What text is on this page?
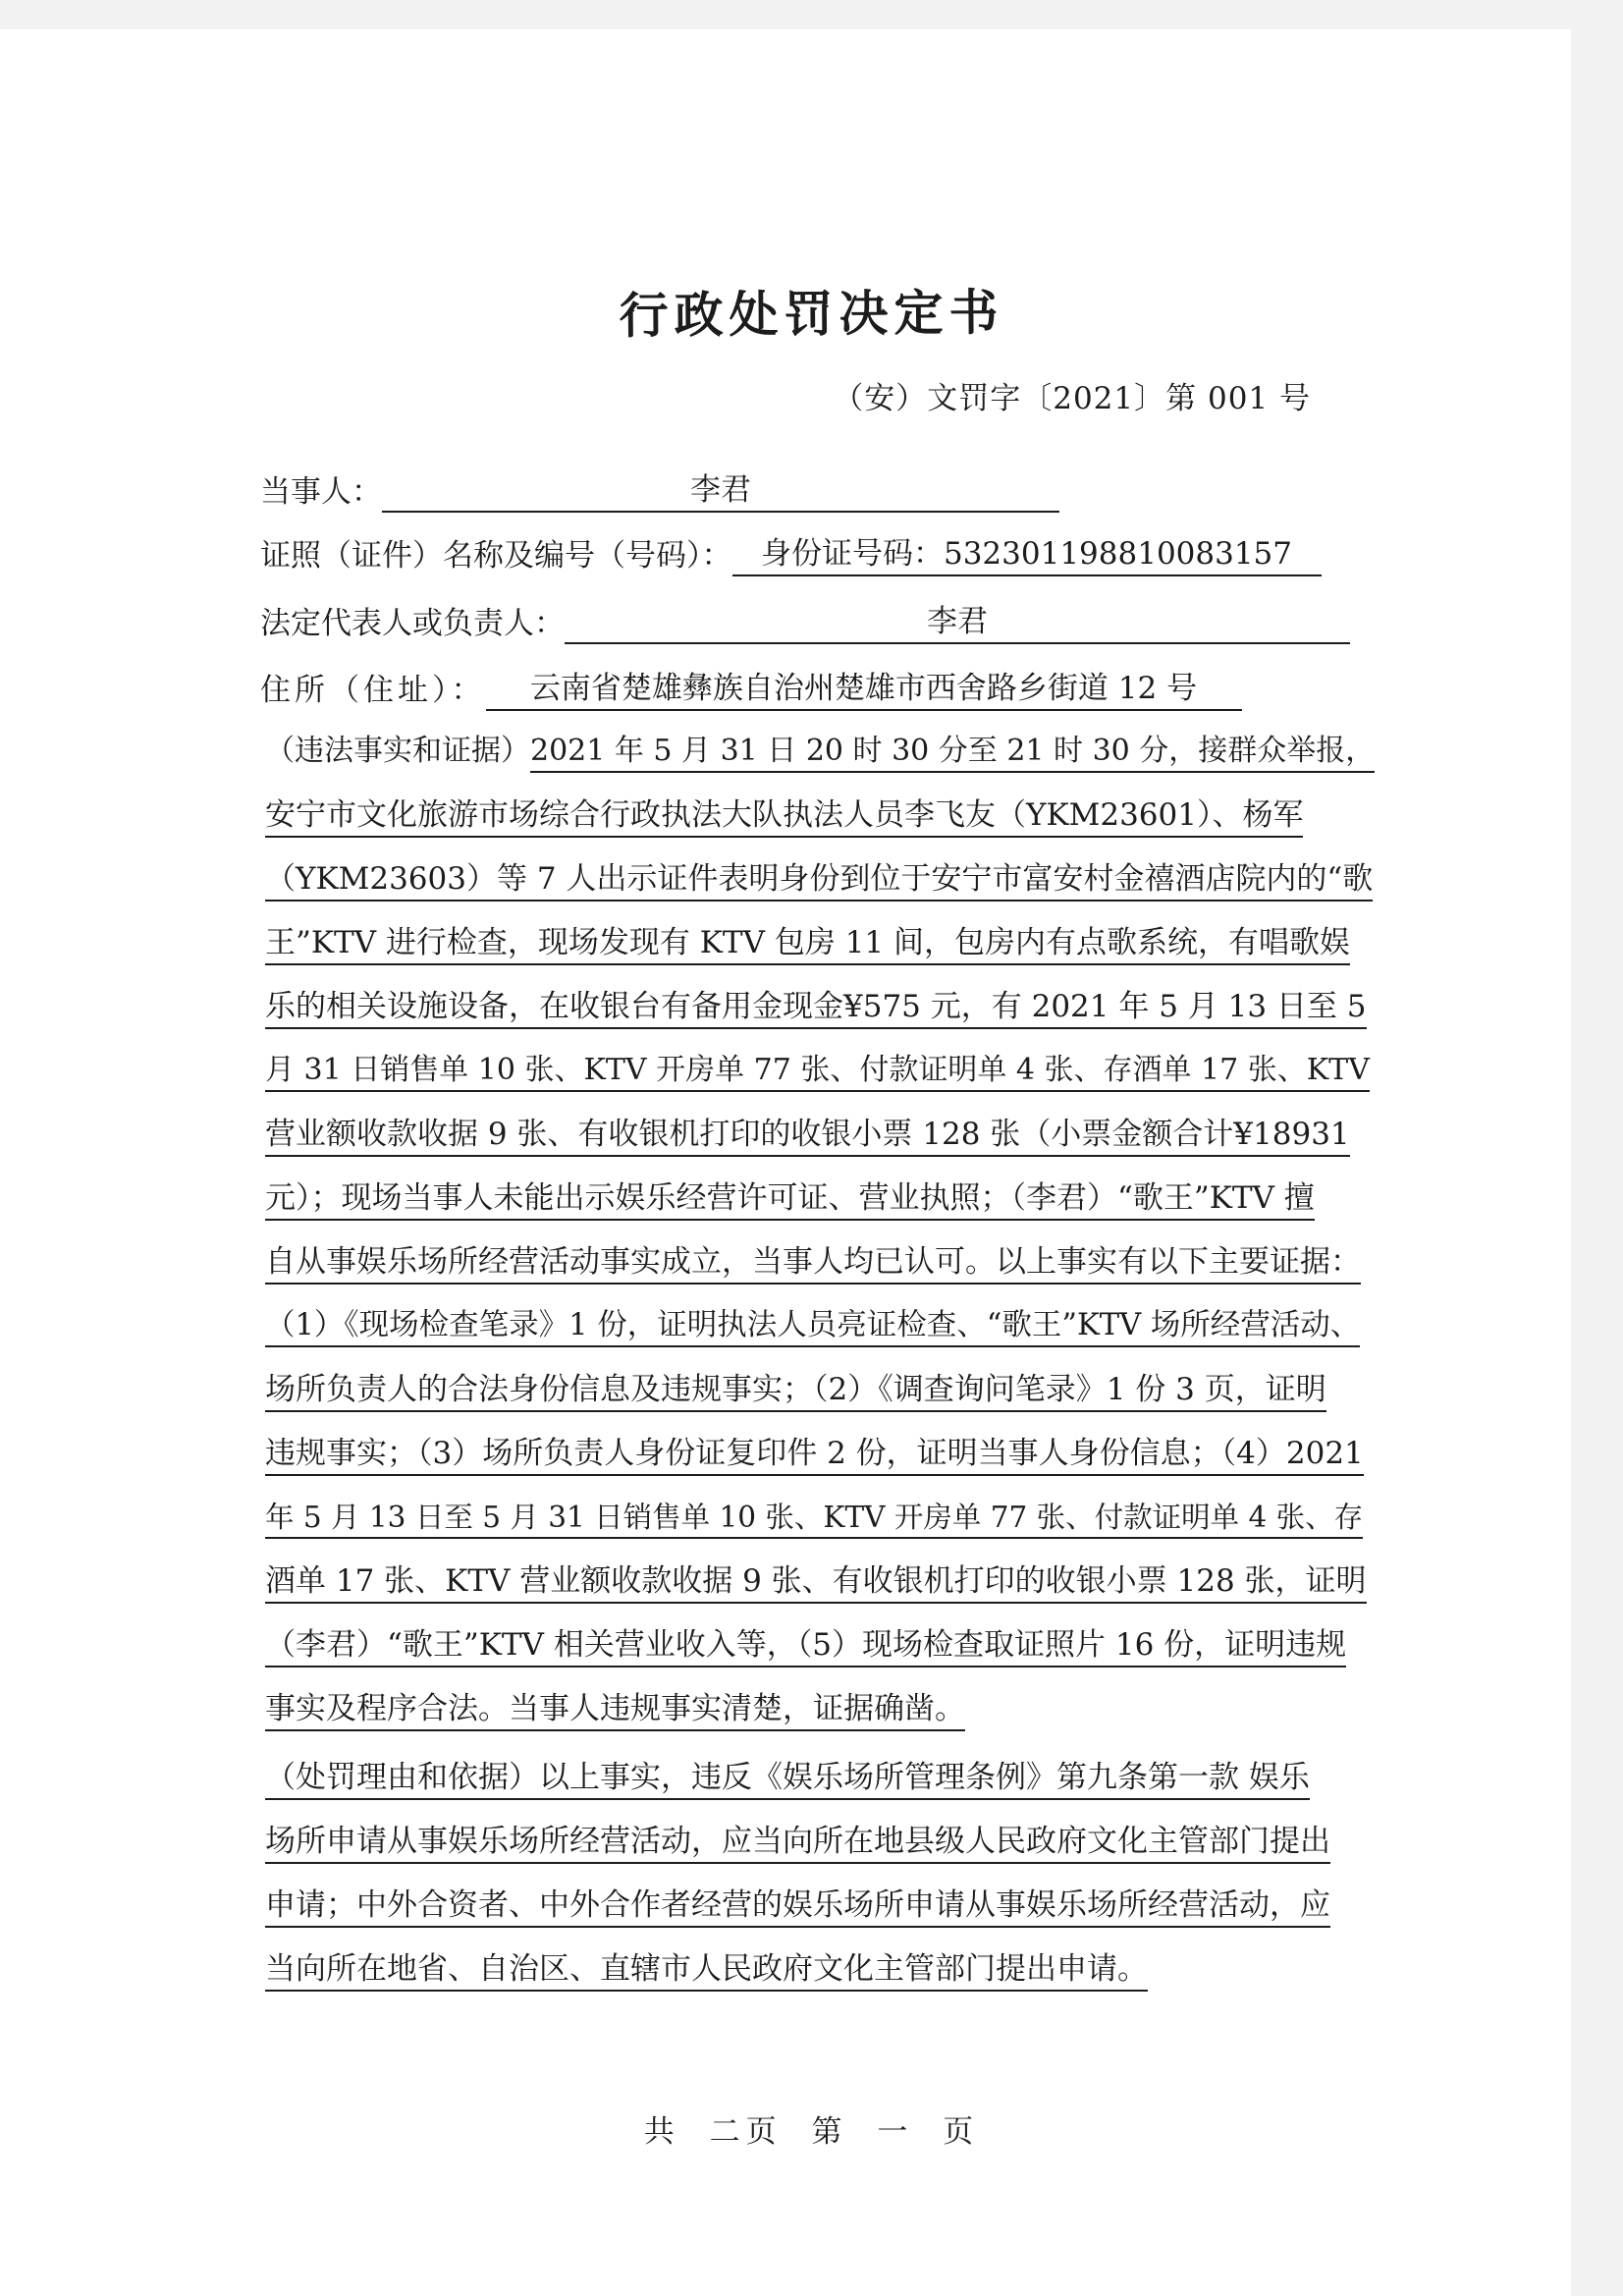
行政处罚决定书
（安）文罚字〔2021〕第 001 号
当事人：	李君
证照（证件）名称及编号（号码）： 身份证号码：532301198810083157
法定代表人或负责人：	李君
住所（住址）：	云南省楚雄彝族自治州楚雄市西舍路乡街道 12 号
（违法事实和证据）2021 年 5 月 31 日 20 时 30 分至 21 时 30 分，接群众举报，
安宁市文化旅游市场综合行政执法大队执法人员李飞友（YKM23601）、杨军
（YKM23603）等 7 人出示证件表明身份到位于安宁市富安村金禧酒店院内的“歌
王”KTV 进行检查，现场发现有 KTV 包房 11 间，包房内有点歌系统，有唱歌娱
乐的相关设施设备，在收银台有备用金现金¥575 元，有 2021 年 5 月 13 日至 5
月 31 日销售单 10 张、KTV 开房单 77 张、付款证明单 4 张、存酒单 17 张、KTV
营业额收款收据 9 张、有收银机打印的收银小票 128 张（小票金额合计¥18931
元）；现场当事人未能出示娱乐经营许可证、营业执照；（李君）“歌王”KTV 擅
自从事娱乐场所经营活动事实成立，当事人均已认可。以上事实有以下主要证据：
（1）《现场检查笔录》1 份，证明执法人员亮证检查、“歌王”KTV 场所经营活动、
场所负责人的合法身份信息及违规事实；（2）《调查询问笔录》1 份 3 页，证明
违规事实；（3）场所负责人身份证复印件 2 份，证明当事人身份信息；（4）2021
年 5 月 13 日至 5 月 31 日销售单 10 张、KTV 开房单 77 张、付款证明单 4 张、存
酒单 17 张、KTV 营业额收款收据 9 张、有收银机打印的收银小票 128 张，证明
（李君）“歌王”KTV 相关营业收入等，（5）现场检查取证照片 16 份，证明违规
事实及程序合法。当事人违规事实清楚，证据确凿。
（处罚理由和依据）以上事实，违反《娱乐场所管理条例》第九条第一款 娱乐
场所申请从事娱乐场所经营活动，应当向所在地县级人民政府文化主管部门提出
申请；中外合资者、中外合作者经营的娱乐场所申请从事娱乐场所经营活动，应
当向所在地省、自治区、直辖市人民政府文化主管部门提出申请。
共 二页 第 一 页
